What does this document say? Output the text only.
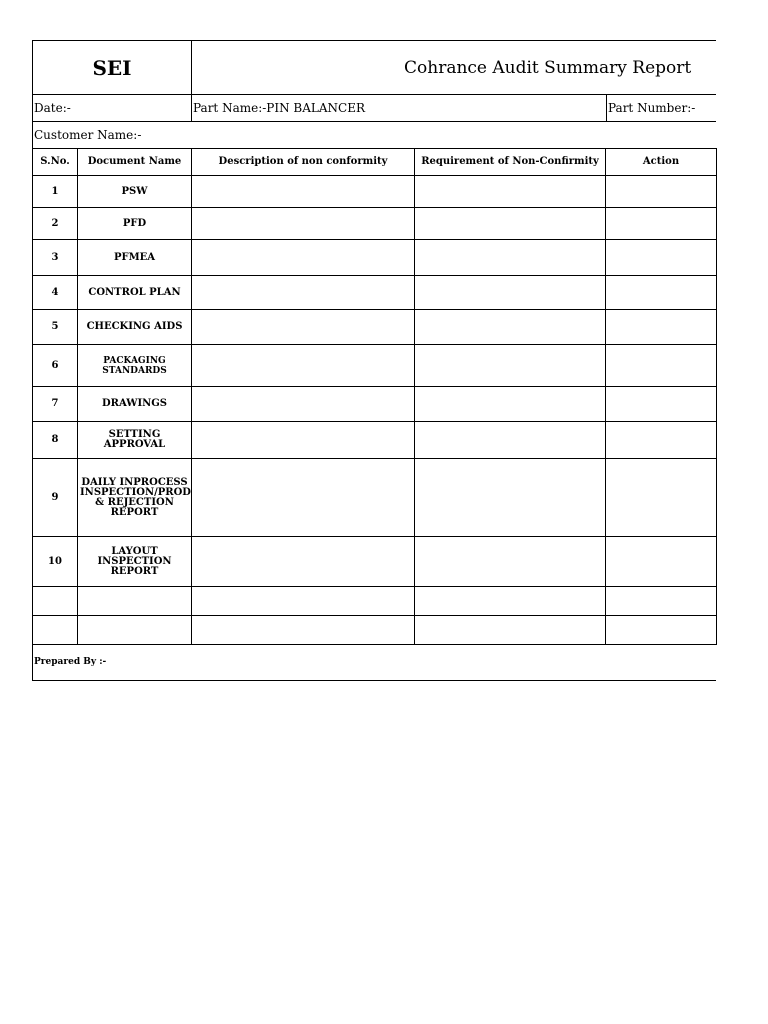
SEI	Cohrance Audit Summary Report
Date:-	Part Name:-PIN BALANCER	Part Number:-
Customer Name:-
S.No.	Document Name	Description of non conformity	Requirement of Non-Confirmity	Action
1	PSW			
2	PFD			
3	PFMEA			
4	CONTROL PLAN			
5	CHECKING AIDS			
6	PACKAGING STANDARDS			
7	DRAWINGS			
8	SETTING APPROVAL			
9	DAILY INPROCESS INSPECTION/PROD & REJECTION REPORT			
10	LAYOUT INSPECTION REPORT			

Prepared By :-
